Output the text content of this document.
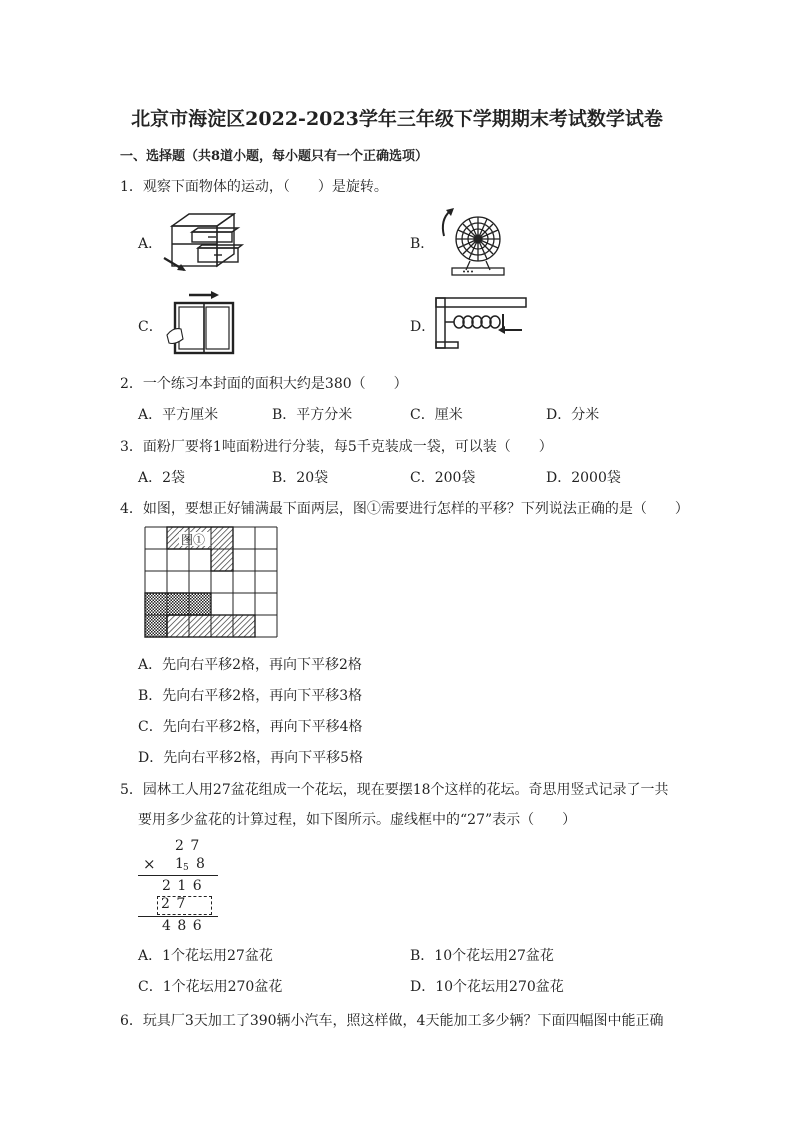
北京市海淀区2022-2023学年三年级下学期期末考试数学试卷
一、选择题（共8道小题，每小题只有一个正确选项）
1．观察下面物体的运动，（　　）是旋转。
A．	B．
C．	D．
2．一个练习本封面的面积大约是380（　　）
A．平方厘米	B．平方分米	C．厘米	D．分米
3．面粉厂要将1吨面粉进行分装，每5千克装成一袋，可以装（　　）
A．2袋	B．20袋	C．200袋	D．2000袋
4．如图，要想正好铺满最下面两层，图①需要进行怎样的平移？下列说法正确的是（　　）
图①
A．先向右平移2格，再向下平移2格
B．先向右平移2格，再向下平移3格
C．先向右平移2格，再向下平移4格
D．先向右平移2格，再向下平移5格
5．园林工人用27盆花组成一个花坛，现在要摆18个这样的花坛。奇思用竖式记录了一共
要用多少盆花的计算过程，如下图所示。虚线框中的“27”表示（　　）
2 7
× 1 5 8
2 1 6
2 7
4 8 6
A．1个花坛用27盆花	B．10个花坛用27盆花
C．1个花坛用270盆花	D．10个花坛用270盆花
6．玩具厂3天加工了390辆小汽车，照这样做，4天能加工多少辆？下面四幅图中能正确
